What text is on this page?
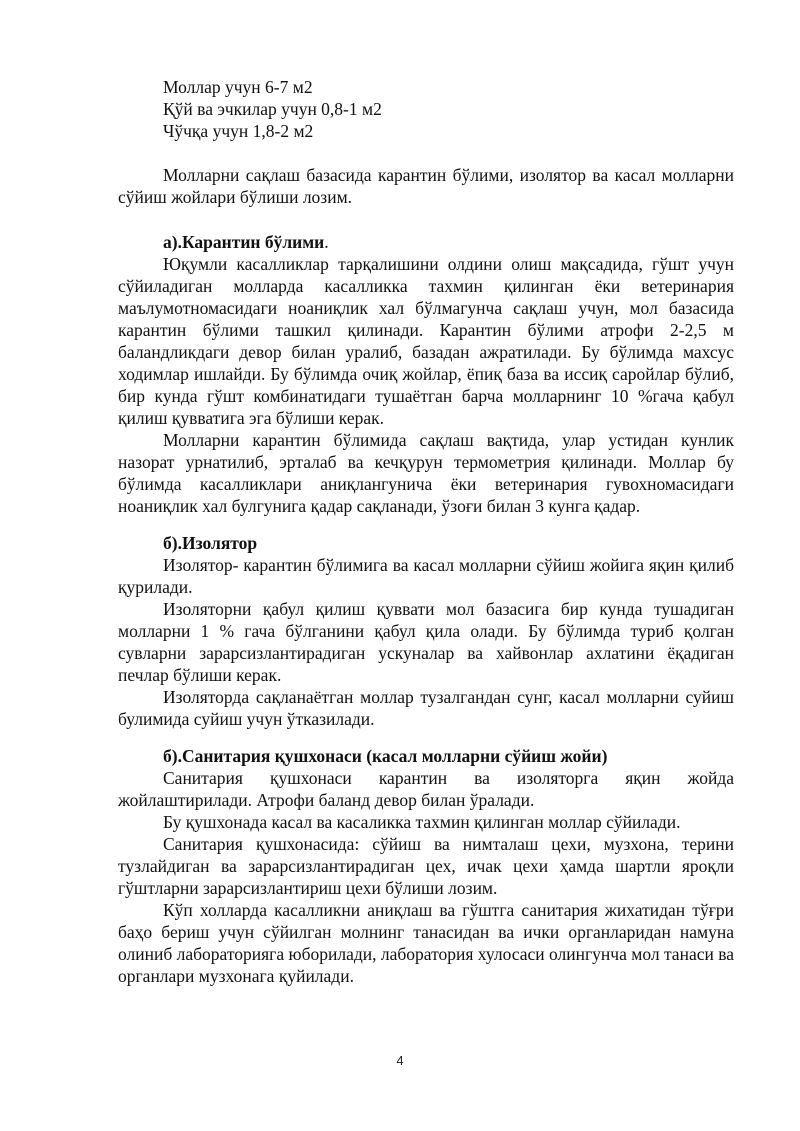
Моллар учун 6-7 м2
Қўй ва эчкилар учун 0,8-1 м2
Чўчқа учун 1,8-2 м2

Молларни сақлаш базасида карантин бўлими, изолятор ва касал молларни сўйиш жойлари бўлиши лозим.

а).Карантин бўлими.

Юқумли касалликлар тарқалишини олдини олиш мақсадида, гўшт учун сўйиладиган молларда касалликка тахмин қилинган ёки ветеринария маълумотномасидаги ноаниқлик хал бўлмагунча сақлаш учун, мол базасида карантин бўлими ташкил қилинади. Карантин бўлими атрофи 2-2,5 м баландликдаги девор билан уралиб, базадан ажратилади. Бу бўлимда махсус ходимлар ишлайди. Бу бўлимда очиқ жойлар, ёпиқ база ва иссиқ саройлар бўлиб, бир кунда гўшт комбинатидаги тушаётган барча молларнинг 10 %гача қабул қилиш қувватига эга бўлиши керак.

Молларни карантин бўлимида сақлаш вақтида, улар устидан кунлик назорат урнатилиб, эрталаб ва кечқурун термометрия қилинади. Моллар бу бўлимда касалликлари аниқлангунича ёки ветеринария гувохномасидаги ноаниқлик хал булгунига қадар сақланади, ўзоғи билан 3 кунга қадар.

б).Изолятор

Изолятор- карантин бўлимига ва касал молларни сўйиш жойига яқин қилиб қурилади.

Изоляторни қабул қилиш қуввати мол базасига бир кунда тушадиган молларни 1 % гача бўлганини қабул қила олади. Бу бўлимда туриб қолган сувларни зарарсизлантирадиган ускуналар ва хайвонлар ахлатини ёқадиган печлар бўлиши керак.

Изоляторда сақланаётган моллар тузалгандан сунг, касал молларни суйиш булимида суйиш учун ўтказилади.

б).Санитария қушхонаси (касал молларни сўйиш жойи)

Санитария қушхонаси карантин ва изоляторга яқин жойда жойлаштирилади. Атрофи баланд девор билан ўралади.

Бу қушхонада касал ва касаликка тахмин қилинган моллар сўйилади.

Санитария қушхонасида: сўйиш ва нимталаш цехи, музхона, терини тузлайдиган ва зарарсизлантирадиган цех, ичак цехи ҳамда шартли яроқли гўштларни зарарсизлантириш цехи бўлиши лозим.

Кўп холларда касалликни аниқлаш ва гўштга санитария жихатидан тўғри баҳо бериш учун сўйилган молнинг танасидан ва ички органларидан намуна олиниб лабораторияга юборилади, лаборатория хулосаси олингунча мол танаси ва органлари музхонага қуйилади.

4
